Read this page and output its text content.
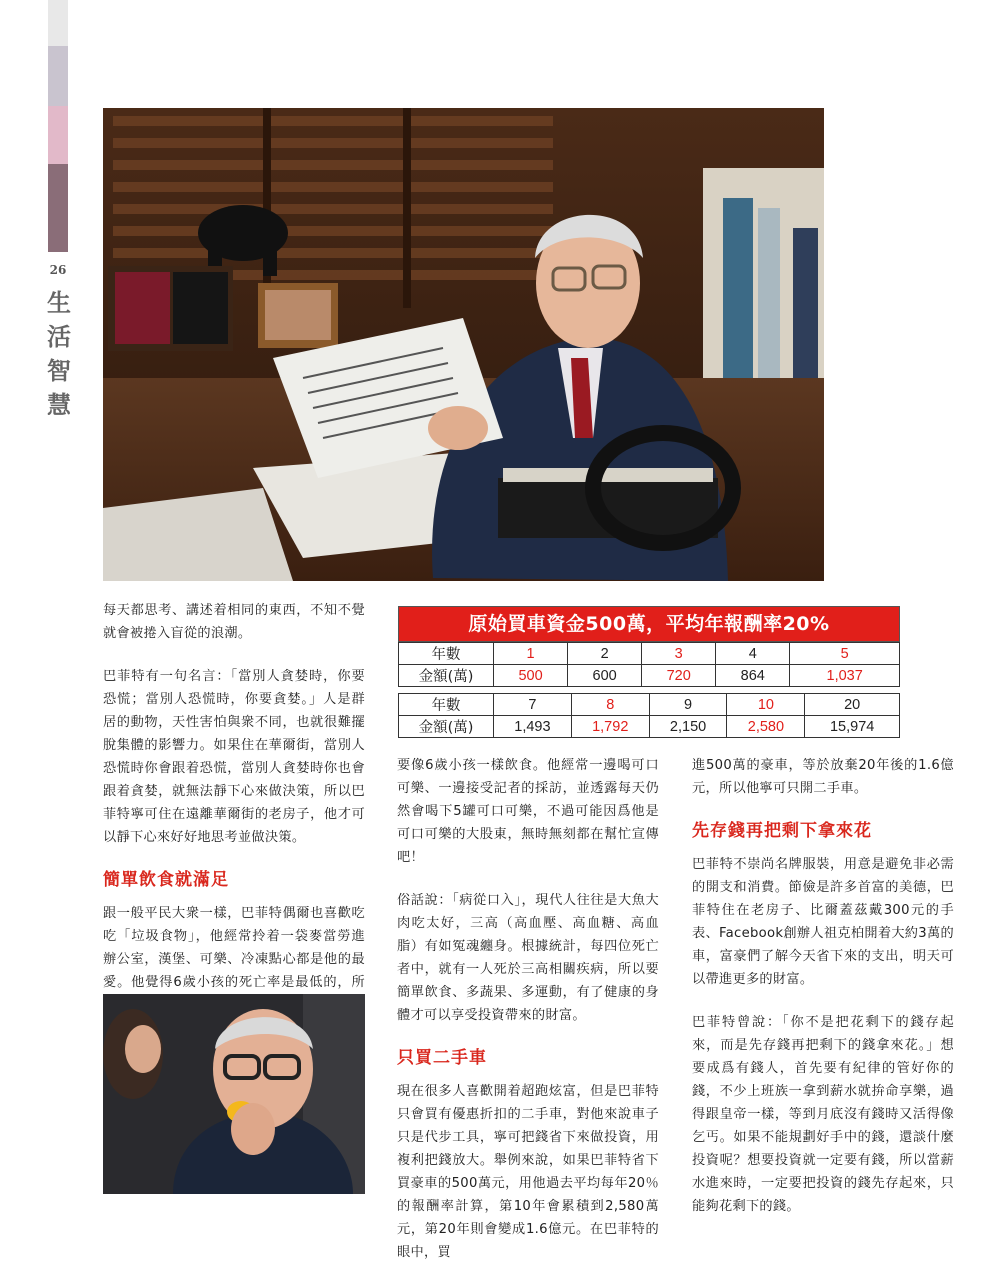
26
生
活
智
慧
原始買車資金500萬，平均年報酬率20%
年數	1	2	3	4	5
金額(萬)	500	600	720	864	1,037
年數	7	8	9	10	20
金額(萬)	1,493	1,792	2,150	2,580	15,974

每天都思考、講述着相同的東西，不知不覺就會被捲入盲從的浪潮。

巴菲特有一句名言：「當別人貪婪時，你要恐慌；當別人恐慌時，你要貪婪。」人是群居的動物，天性害怕與衆不同，也就很難擺脫集體的影響力。如果住在華爾街，當別人恐慌時你會跟着恐慌，當別人貪婪時你也會跟着貪婪，就無法靜下心來做決策，所以巴菲特寧可住在遠離華爾街的老房子，他才可以靜下心來好好地思考並做決策。

簡單飲食就滿足

跟一般平民大衆一樣，巴菲特偶爾也喜歡吃吃「垃圾食物」，他經常拎着一袋麥當勞進辦公室，漢堡、可樂、冷凍點心都是他的最愛。他覺得6歲小孩的死亡率是最低的，所

要像6歲小孩一樣飲食。他經常一邊喝可口可樂、一邊接受記者的採訪，並透露每天仍然會喝下5罐可口可樂，不過可能因爲他是可口可樂的大股東，無時無刻都在幫忙宣傳吧！

俗話說：「病從口入」，現代人往往是大魚大肉吃太好，三高（高血壓、高血糖、高血脂）有如冤魂纏身。根據統計，每四位死亡者中，就有一人死於三高相關疾病，所以要簡單飲食、多蔬果、多運動，有了健康的身體才可以享受投資帶來的財富。

只買二手車

現在很多人喜歡開着超跑炫富，但是巴菲特只會買有優惠折扣的二手車，對他來說車子只是代步工具，寧可把錢省下來做投資，用複利把錢放大。舉例來說，如果巴菲特省下買豪車的500萬元，用他過去平均每年20％的報酬率計算，第10年會累積到2,580萬元，第20年則會變成1.6億元。在巴菲特的眼中，買

進500萬的豪車，等於放棄20年後的1.6億元，所以他寧可只開二手車。

先存錢再把剩下拿來花

巴菲特不崇尚名牌服裝，用意是避免非必需的開支和消費。節儉是許多首富的美德，巴菲特住在老房子、比爾蓋茲戴300元的手表、Facebook創辦人祖克柏開着大約3萬的車，富豪們了解今天省下來的支出，明天可以帶進更多的財富。

巴菲特曾說：「你不是把花剩下的錢存起來，而是先存錢再把剩下的錢拿來花。」想要成爲有錢人，首先要有紀律的管好你的錢，不少上班族一拿到薪水就拚命享樂，過得跟皇帝一樣，等到月底沒有錢時又活得像乞丐。如果不能規劃好手中的錢，還談什麼投資呢？想要投資就一定要有錢，所以當薪水進來時，一定要把投資的錢先存起來，只能夠花剩下的錢。
